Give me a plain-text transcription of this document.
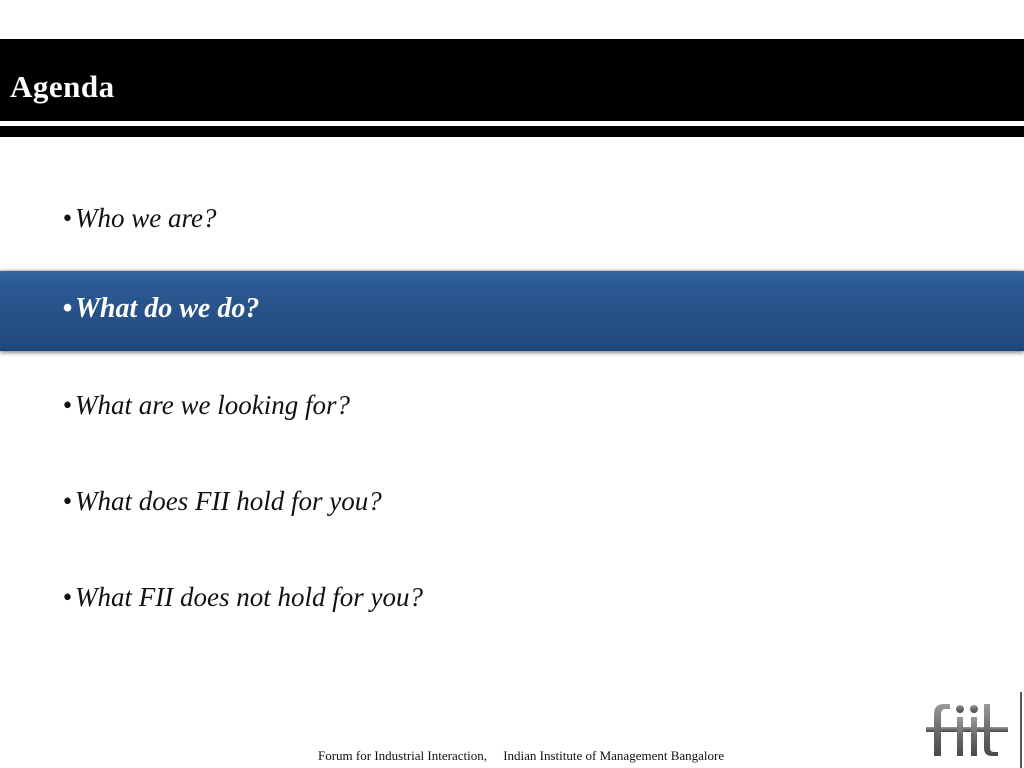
Agenda
• Who we are?
•What do we do?
• What are we looking for?
• What does FII hold for you?
• What FII does not hold for you?
Forum for Industrial Interaction,     Indian Institute of Management Bangalore
